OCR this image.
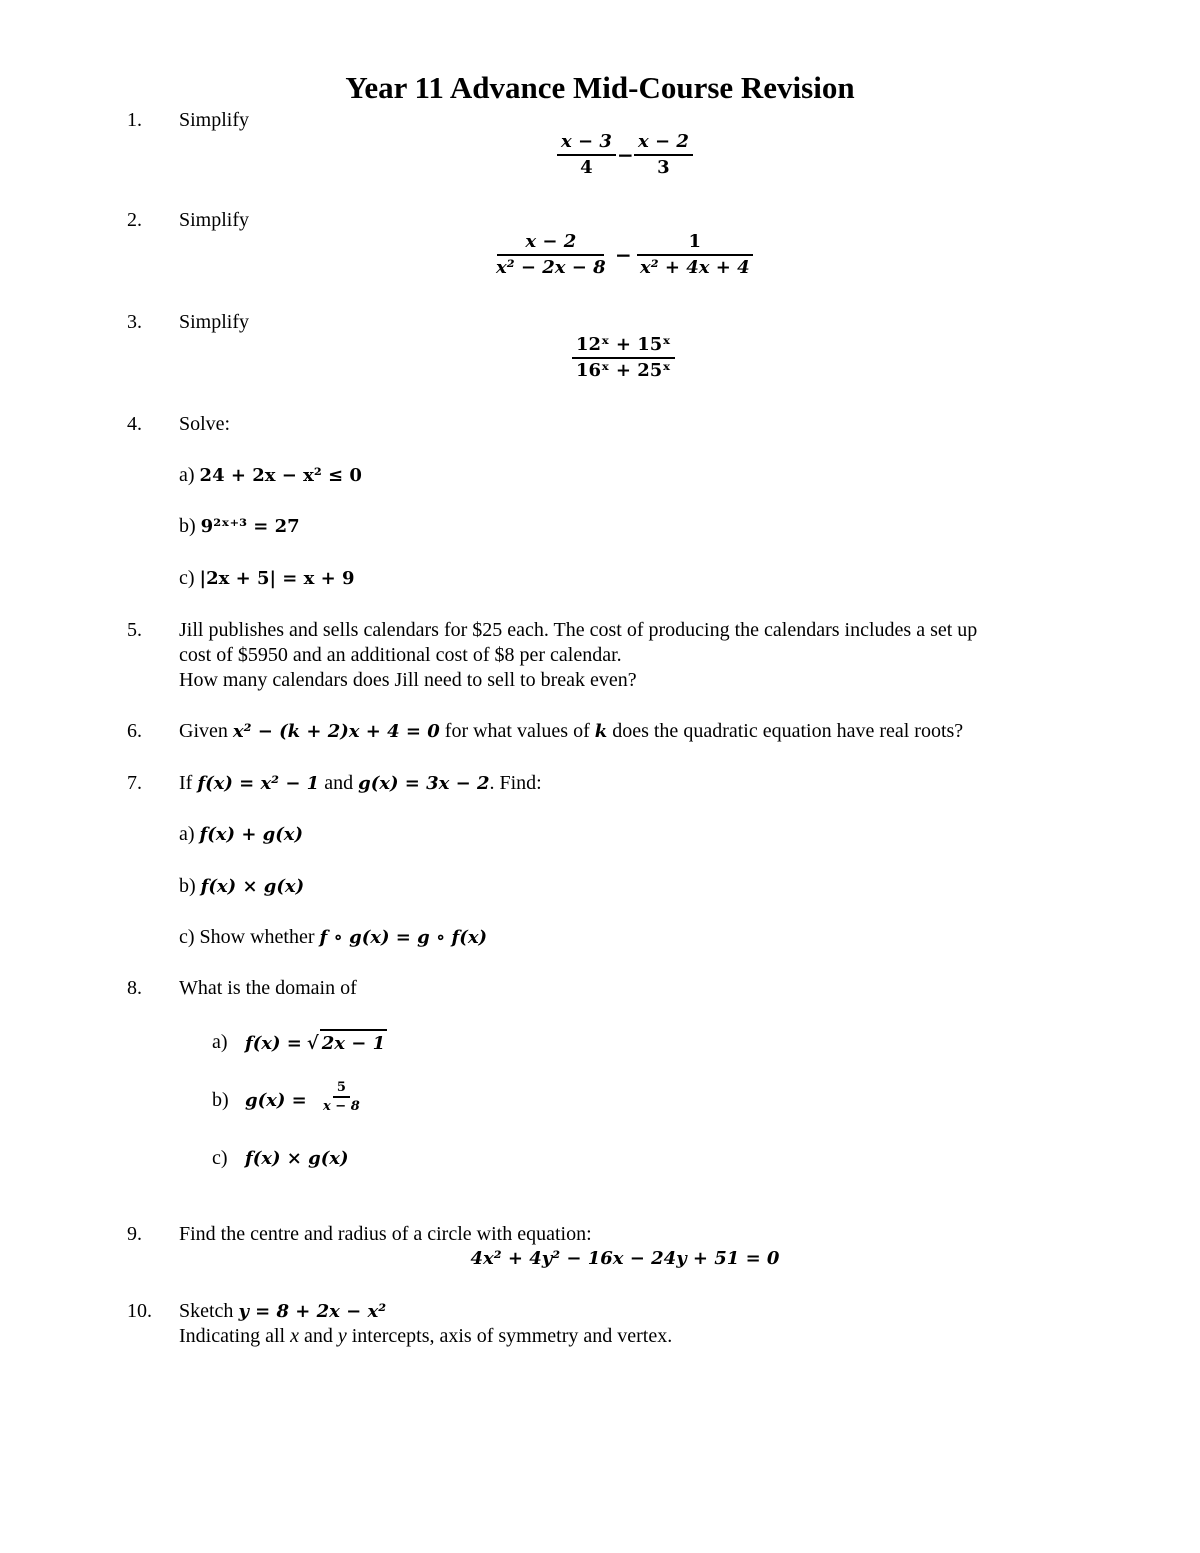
Year 11 Advance Mid-Course Revision
1. Simplify
$\frac{x - 3}{4} - \frac{x - 2}{3}$
2. Simplify
$\frac{x - 2}{\text{x² − 2x − 8}} - \frac{1}{\text{x² + 4x + 4}}$
3. Simplify
$\frac{\text{12ˣ + 15ˣ}}{\text{16ˣ + 25ˣ}}$
4. Solve:
a) 24 + 2x − x² ≤ 0
b) 9²ˣ⁺³ = 27
c) |2x + 5| = x + 9
5. Jill publishes and sells calendars for $25 each. The cost of producing the calendars includes a set up
cost of $5950 and an additional cost of $8 per calendar.
How many calendars does Jill need to sell to break even?
6. Given x² − (k + 2)x + 4 = 0 for what values of k does the quadratic equation have real roots?
7. If f(x) = x² − 1 and g(x) = 3x − 2. Find:
a) f(x) + g(x)
b) f(x) × g(x)
c) Show whether f ∘ g(x) = g ∘ f(x)
8. What is the domain of
a) f(x) = √ 2x − 1
b) $g(x) = \frac{5}{x - 8}$
c) f(x) × g(x)
9. Find the centre and radius of a circle with equation:
4x² + 4y² − 16x − 24y + 51 = 0
10. Sketch y = 8 + 2x − x²
Indicating all x and y intercepts, axis of symmetry and vertex.
